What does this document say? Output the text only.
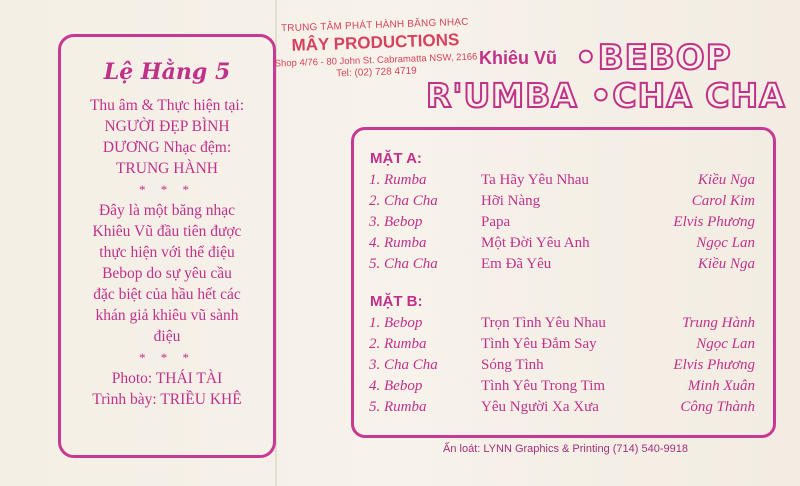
Lệ Hằng 5
Thu âm & Thực hiện tại:
NGƯỜI ĐẸP BÌNH
DƯƠNG Nhạc đệm:
TRUNG HÀNH
* * *
Đây là một băng nhạc
Khiêu Vũ đầu tiên được
thực hiện với thể điệu
Bebop do sự yêu cầu
đặc biệt của hầu hết các
khán giả khiêu vũ sành
điệu
* * *
Photo: THÁI TÀI
Trình bày: TRIỀU KHÊ
TRUNG TÂM PHÁT HÀNH BĂNG NHẠC
MÂY PRODUCTIONS
Shop 4/76 - 80 John St. Cabramatta NSW, 2166
Tel: (02) 728 4719
Khiêu Vũ •BEBOP
R'UMBA •CHA CHA
MẶT A:
1. Rumba	Ta Hãy Yêu Nhau	Kiều Nga
2. Cha Cha	Hỡi Nàng	Carol Kim
3. Bebop	Papa	Elvis Phương
4. Rumba	Một Đời Yêu Anh	Ngọc Lan
5. Cha Cha	Em Đã Yêu	Kiều Nga
MẶT B:
1. Bebop	Trọn Tình Yêu Nhau	Trung Hành
2. Rumba	Tình Yêu Đắm Say	Ngọc Lan
3. Cha Cha	Sóng Tình	Elvis Phương
4. Bebop	Tình Yêu Trong Tim	Minh Xuân
5. Rumba	Yêu Người Xa Xưa	Công Thành
Ấn loát: LYNN Graphics & Printing (714) 540-9918
